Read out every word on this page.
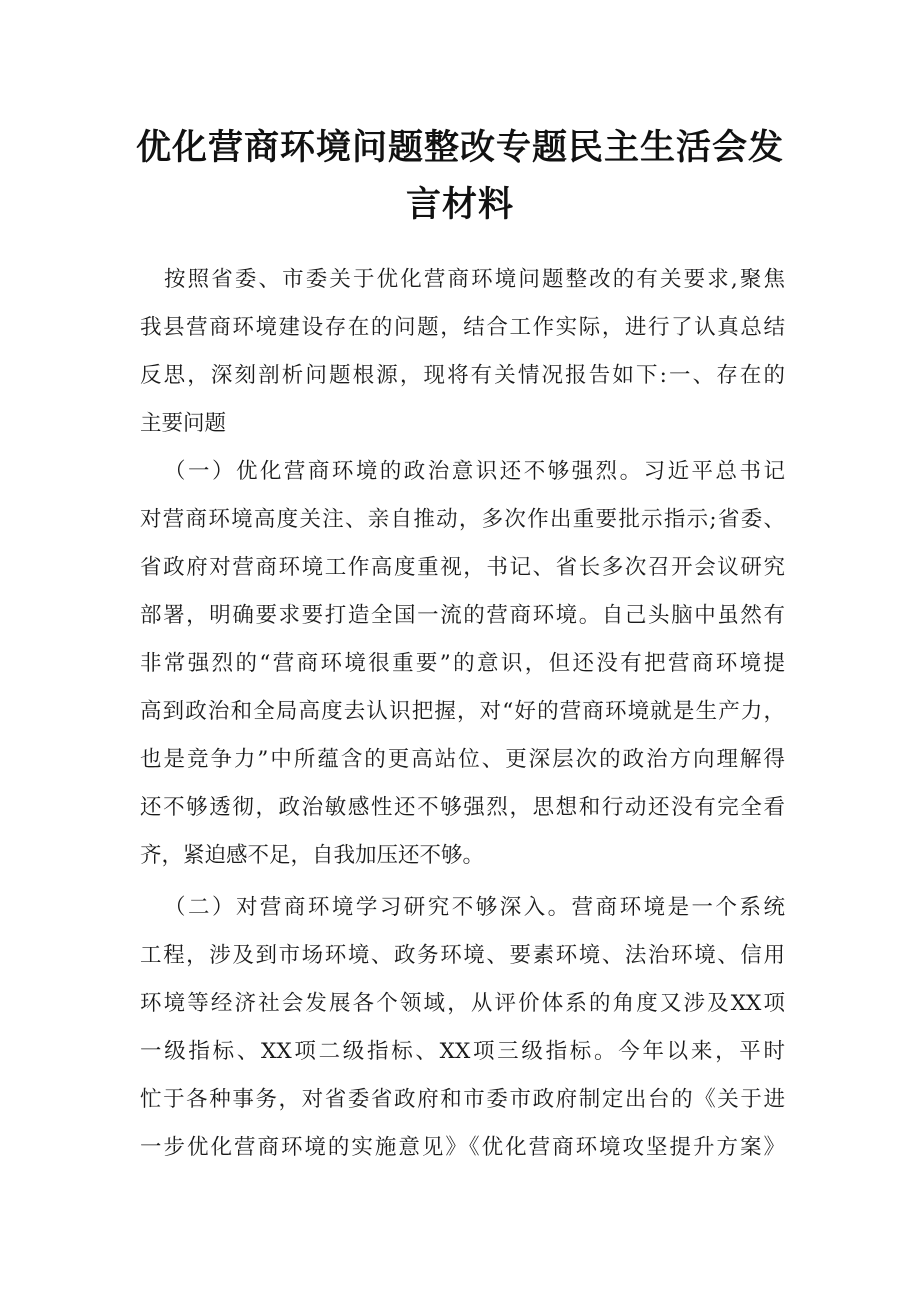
优化营商环境问题整改专题民主生活会发
言材料
按照省委、市委关于优化营商环境问题整改的有关要求,聚焦
我县营商环境建设存在的问题，结合工作实际，进行了认真总结
反思，深刻剖析问题根源，现将有关情况报告如下:一、存在的
主要问题
（一）优化营商环境的政治意识还不够强烈。习近平总书记
对营商环境高度关注、亲自推动，多次作出重要批示指示;省委、
省政府对营商环境工作高度重视，书记、省长多次召开会议研究
部署，明确要求要打造全国一流的营商环境。自己头脑中虽然有
非常强烈的“营商环境很重要”的意识，但还没有把营商环境提
高到政治和全局高度去认识把握，对“好的营商环境就是生产力，
也是竞争力”中所蕴含的更高站位、更深层次的政治方向理解得
还不够透彻，政治敏感性还不够强烈，思想和行动还没有完全看
齐，紧迫感不足，自我加压还不够。
（二）对营商环境学习研究不够深入。营商环境是一个系统
工程，涉及到市场环境、政务环境、要素环境、法治环境、信用
环境等经济社会发展各个领域，从评价体系的角度又涉及XX项
一级指标、XX项二级指标、XX项三级指标。今年以来，平时
忙于各种事务，对省委省政府和市委市政府制定出台的《关于进
一步优化营商环境的实施意见》《优化营商环境攻坚提升方案》
